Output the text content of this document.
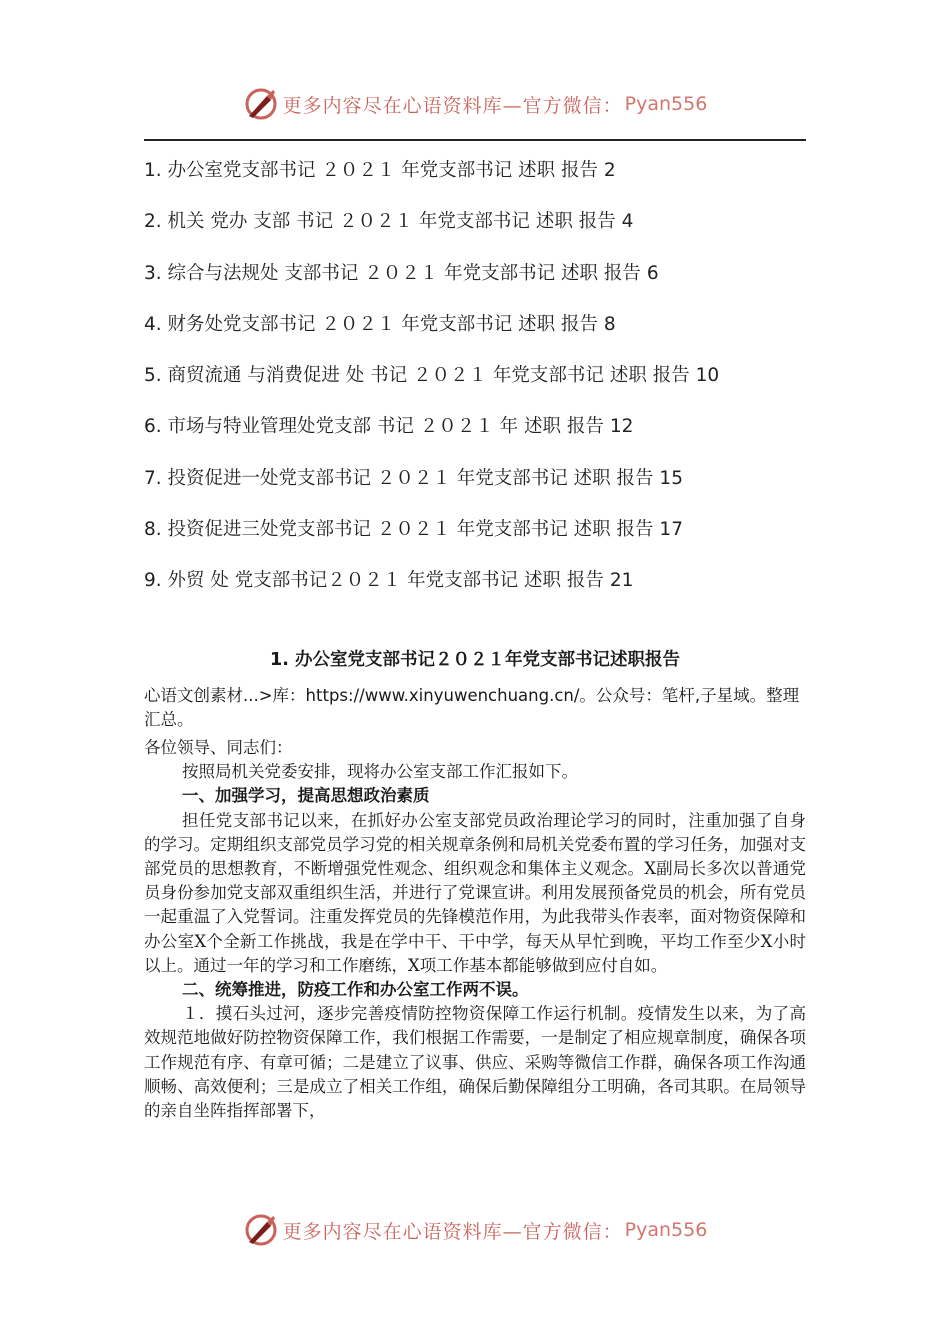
更多内容尽在心语资料库—官方微信： Pyan556
1. 办公室党支部书记 ２０２１ 年党支部书记 述职 报告 2
2. 机关 党办 支部 书记 ２０２１ 年党支部书记 述职 报告 4
3. 综合与法规处 支部书记 ２０２１ 年党支部书记 述职 报告 6
4. 财务处党支部书记 ２０２１ 年党支部书记 述职 报告 8
5. 商贸流通 与消费促进 处 书记 ２０２１ 年党支部书记 述职 报告 10
6. 市场与特业管理处党支部 书记 ２０２１ 年 述职 报告 12
7. 投资促进一处党支部书记 ２０２１ 年党支部书记 述职 报告 15
8. 投资促进三处党支部书记 ２０２１ 年党支部书记 述职 报告 17
9. 外贸 处 党支部书记２０２１ 年党支部书记 述职 报告 21
1. 办公室党支部书记２０２１年党支部书记述职报告
心语文创素材...>库：https://www.xinyuwenchuang.cn/。公众号：笔杆,子星域。整理汇总。

各位领导、同志们：

按照局机关党委安排，现将办公室支部工作汇报如下。

一、加强学习，提高思想政治素质

担任党支部书记以来，在抓好办公室支部党员政治理论学习的同时，注重加强了自身的学习。定期组织支部党员学习党的相关规章条例和局机关党委布置的学习任务，加强对支部党员的思想教育，不断增强党性观念、组织观念和集体主义观念。X副局长多次以普通党员身份参加党支部双重组织生活，并进行了党课宣讲。利用发展预备党员的机会，所有党员一起重温了入党誓词。注重发挥党员的先锋模范作用，为此我带头作表率，面对物资保障和办公室X个全新工作挑战，我是在学中干、干中学，每天从早忙到晚，平均工作至少X小时以上。通过一年的学习和工作磨练，X项工作基本都能够做到应付自如。

二、统筹推进，防疫工作和办公室工作两不误。

１．摸石头过河，逐步完善疫情防控物资保障工作运行机制。疫情发生以来，为了高效规范地做好防控物资保障工作，我们根据工作需要，一是制定了相应规章制度，确保各项工作规范有序、有章可循；二是建立了议事、供应、采购等微信工作群，确保各项工作沟通顺畅、高效便利；三是成立了相关工作组，确保后勤保障组分工明确，各司其职。在局领导的亲自坐阵指挥部署下，

更多内容尽在心语资料库—官方微信： Pyan556
